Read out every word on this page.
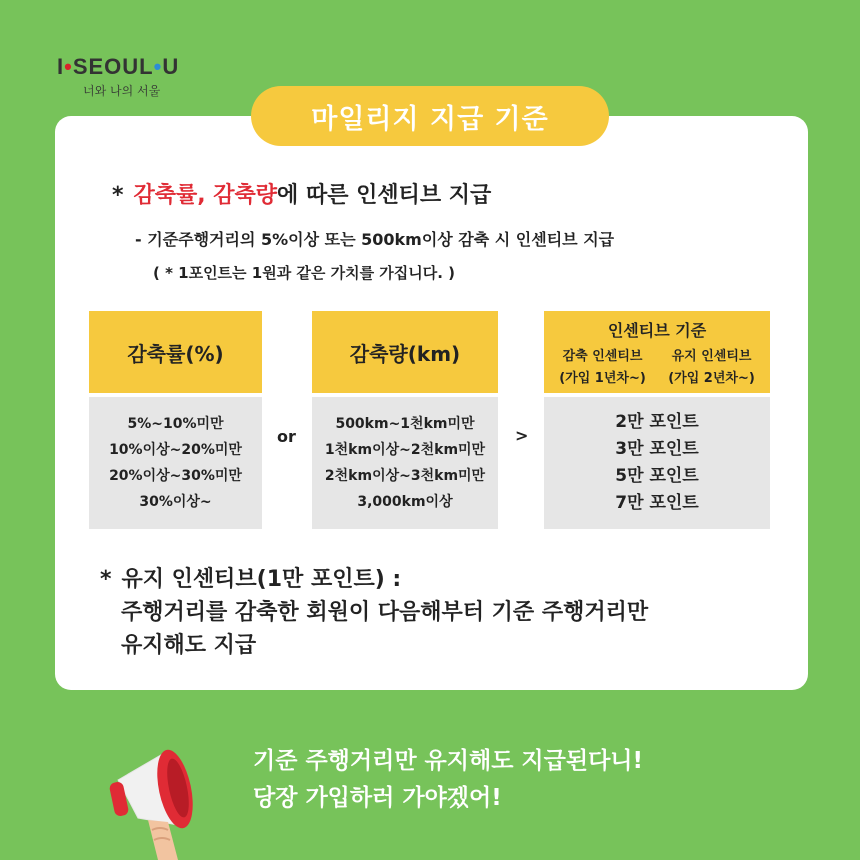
I•SEOUL•U
너와 나의 서울
마일리지 지급 기준
* 감축률, 감축량에 따른 인센티브 지급
- 기준주행거리의 5%이상 또는 500km이상 감축 시 인센티브 지급
( * 1포인트는 1원과 같은 가치를 가집니다. )
감축률(%)	감축량(km)
인센티브 기준
감축 인센티브
(가입 1년차~)
유지 인센티브
(가입 2년차~)
5%~10%미만
10%이상~20%미만
20%이상~30%미만
30%이상~
or
500km~1천km미만
1천km이상~2천km미만
2천km이상~3천km미만
3,000km이상
>
2만 포인트
3만 포인트
5만 포인트
7만 포인트
* 유지 인센티브(1만 포인트) :
주행거리를 감축한 회원이 다음해부터 기준 주행거리만
유지해도 지급
기준 주행거리만 유지해도 지급된다니!
당장 가입하러 가야겠어!
